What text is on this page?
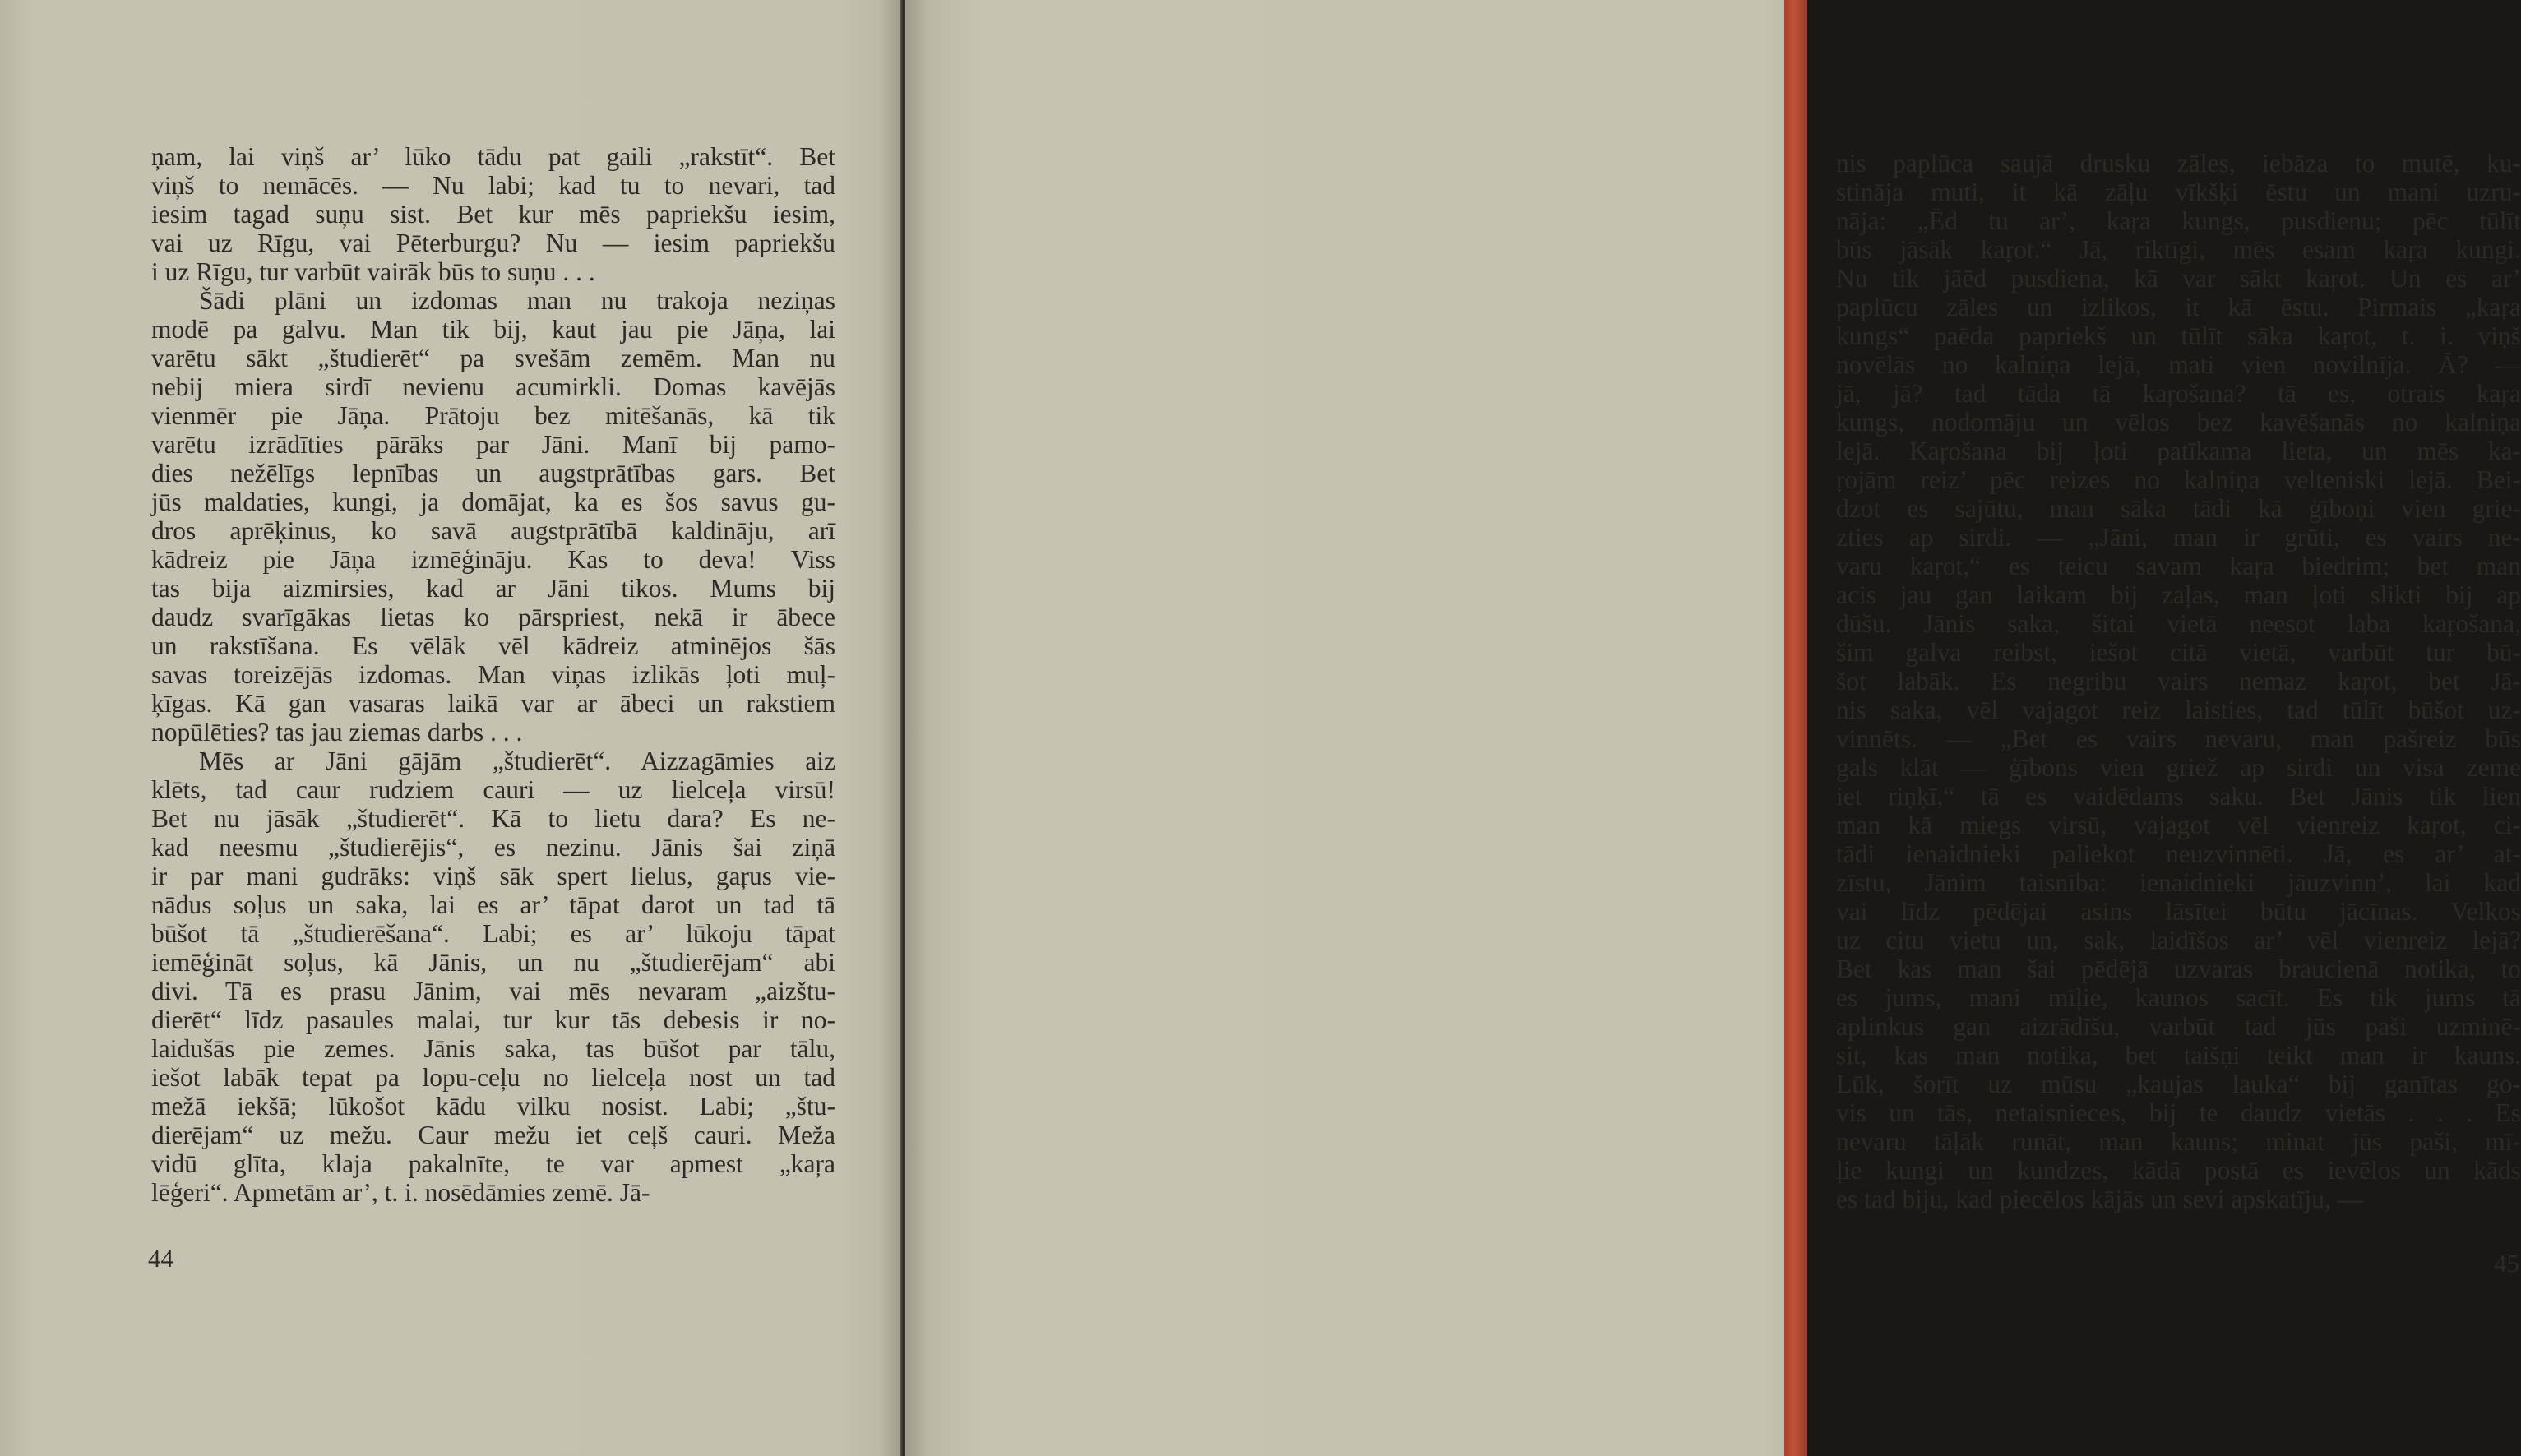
ņam, lai viņš ar’ lūko tādu pat gaili „rakstīt“. Bet
viņš to nemācēs. — Nu labi; kad tu to nevari, tad
iesim tagad suņu sist. Bet kur mēs papriekšu iesim,
vai uz Rīgu, vai Pēterburgu? Nu — iesim papriekšu
i uz Rīgu, tur varbūt vairāk būs to suņu . . .
Šādi plāni un izdomas man nu trakoja neziņas
modē pa galvu. Man tik bij, kaut jau pie Jāņa, lai
varētu sākt „študierēt“ pa svešām zemēm. Man nu
nebij miera sirdī nevienu acumirkli. Domas kavējās
vienmēr pie Jāņa. Prātoju bez mitēšanās, kā tik
varētu izrādīties pārāks par Jāni. Manī bij pamo-
dies nežēlīgs lepnības un augstprātības gars. Bet
jūs maldaties, kungi, ja domājat, ka es šos savus gu-
dros aprēķinus, ko savā augstprātībā kaldināju, arī
kādreiz pie Jāņa izmēģināju. Kas to deva! Viss
tas bija aizmirsies, kad ar Jāni tikos. Mums bij
daudz svarīgākas lietas ko pārspriest, nekā ir ābece
un rakstīšana. Es vēlāk vēl kādreiz atminējos šās
savas toreizējās izdomas. Man viņas izlikās ļoti muļ-
ķīgas. Kā gan vasaras laikā var ar ābeci un rakstiem
nopūlēties? tas jau ziemas darbs . . .
Mēs ar Jāni gājām „študierēt“. Aizzagāmies aiz
klēts, tad caur rudziem cauri — uz lielceļa virsū!
Bet nu jāsāk „študierēt“. Kā to lietu dara? Es ne-
kad neesmu „študierējis“, es nezinu. Jānis šai ziņā
ir par mani gudrāks: viņš sāk spert lielus, gaŗus vie-
nādus soļus un saka, lai es ar’ tāpat darot un tad tā
būšot tā „študierēšana“. Labi; es ar’ lūkoju tāpat
iemēģināt soļus, kā Jānis, un nu „študierējam“ abi
divi. Tā es prasu Jānim, vai mēs nevaram „aizštu-
dierēt“ līdz pasaules malai, tur kur tās debesis ir no-
laidušās pie zemes. Jānis saka, tas būšot par tālu,
iešot labāk tepat pa lopu-ceļu no lielceļa nost un tad
mežā iekšā; lūkošot kādu vilku nosist. Labi; „štu-
dierējam“ uz mežu. Caur mežu iet ceļš cauri. Meža
vidū glīta, klaja pakalnīte, te var apmest „kaŗa
lēģeri“. Apmetām ar’, t. i. nosēdāmies zemē. Jā-
44
nis paplūca saujā drusku zāles, iebāza to mutē, ku-
stināja muti, it kā zāļu vīkšķi ēstu un mani uzru-
nāja: „Ēd tu ar’, kaŗa kungs, pusdienu; pēc tūlīt
būs jāsāk kaŗot.“ Jā, riktīgi, mēs esam kaŗa kungi.
Nu tik jāēd pusdiena, kā var sākt kaŗot. Un es ar’
paplūcu zāles un izlikos, it kā ēstu. Pirmais „kaŗa
kungs“ paēda papriekš un tūlīt sāka kaŗot, t. i. viņš
novēlās no kalniņa lejā, mati vien novilnīja. Ā? —
jā, jā? tad tāda tā kaŗošana? tā es, otrais kaŗa
kungs, nodomāju un vēlos bez kavēšanās no kalniņa
lejā. Kaŗošana bij ļoti patīkama lieta, un mēs ka-
ŗojām reiz’ pēc reizes no kalniņa velteniski lejā. Bei-
dzot es sajūtu, man sāka tādi kā ģīboņi vien grie-
zties ap sirdi. — „Jāni, man ir grūti, es vairs ne-
varu kaŗot,“ es teicu savam kaŗa biedrim; bet man
acis jau gan laikam bij zaļas, man ļoti slikti bij ap
dūšu. Jānis saka, šitai vietā neesot laba kaŗošana,
šim galva reibst, iešot citā vietā, varbūt tur bū-
šot labāk. Es negribu vairs nemaz kaŗot, bet Jā-
nis saka, vēl vajagot reiz laisties, tad tūlīt būšot uz-
vinnēts. — „Bet es vairs nevaru, man pašreiz būs
gals klāt — ģībons vien griež ap sirdi un visa zeme
iet riņķī,“ tā es vaidēdams saku. Bet Jānis tik lien
man kā miegs virsū, vajagot vēl vienreiz kaŗot, ci-
tādi ienaidnieki paliekot neuzvinnēti. Jā, es ar’ at-
zīstu, Jānim taisnība: ienaidnieki jāuzvinn’, lai kad
vai līdz pēdējai asins lāsītei būtu jācīnas. Velkos
uz citu vietu un, sak, laidīšos ar’ vēl vienreiz lejā?
Bet kas man šai pēdējā uzvaras braucienā notika, to
es jums, mani mīļie, kaunos sacīt. Es tik jums tā
aplinkus gan aizrādīšu, varbūt tad jūs paši uzminē-
sit, kas man notika, bet taišņi teikt man ir kauns.
Lūk, šorīt uz mūsu „kaujas lauka“ bij ganītas go-
vis un tās, netaisnieces, bij te daudz vietās . . . Es
nevaru tāļāk runāt, man kauns; minat jūs paši, mī-
ļie kungi un kundzes, kādā postā es ievēlos un kāds
es tad biju, kad piecēlos kājās un sevi apskatīju, —
45
